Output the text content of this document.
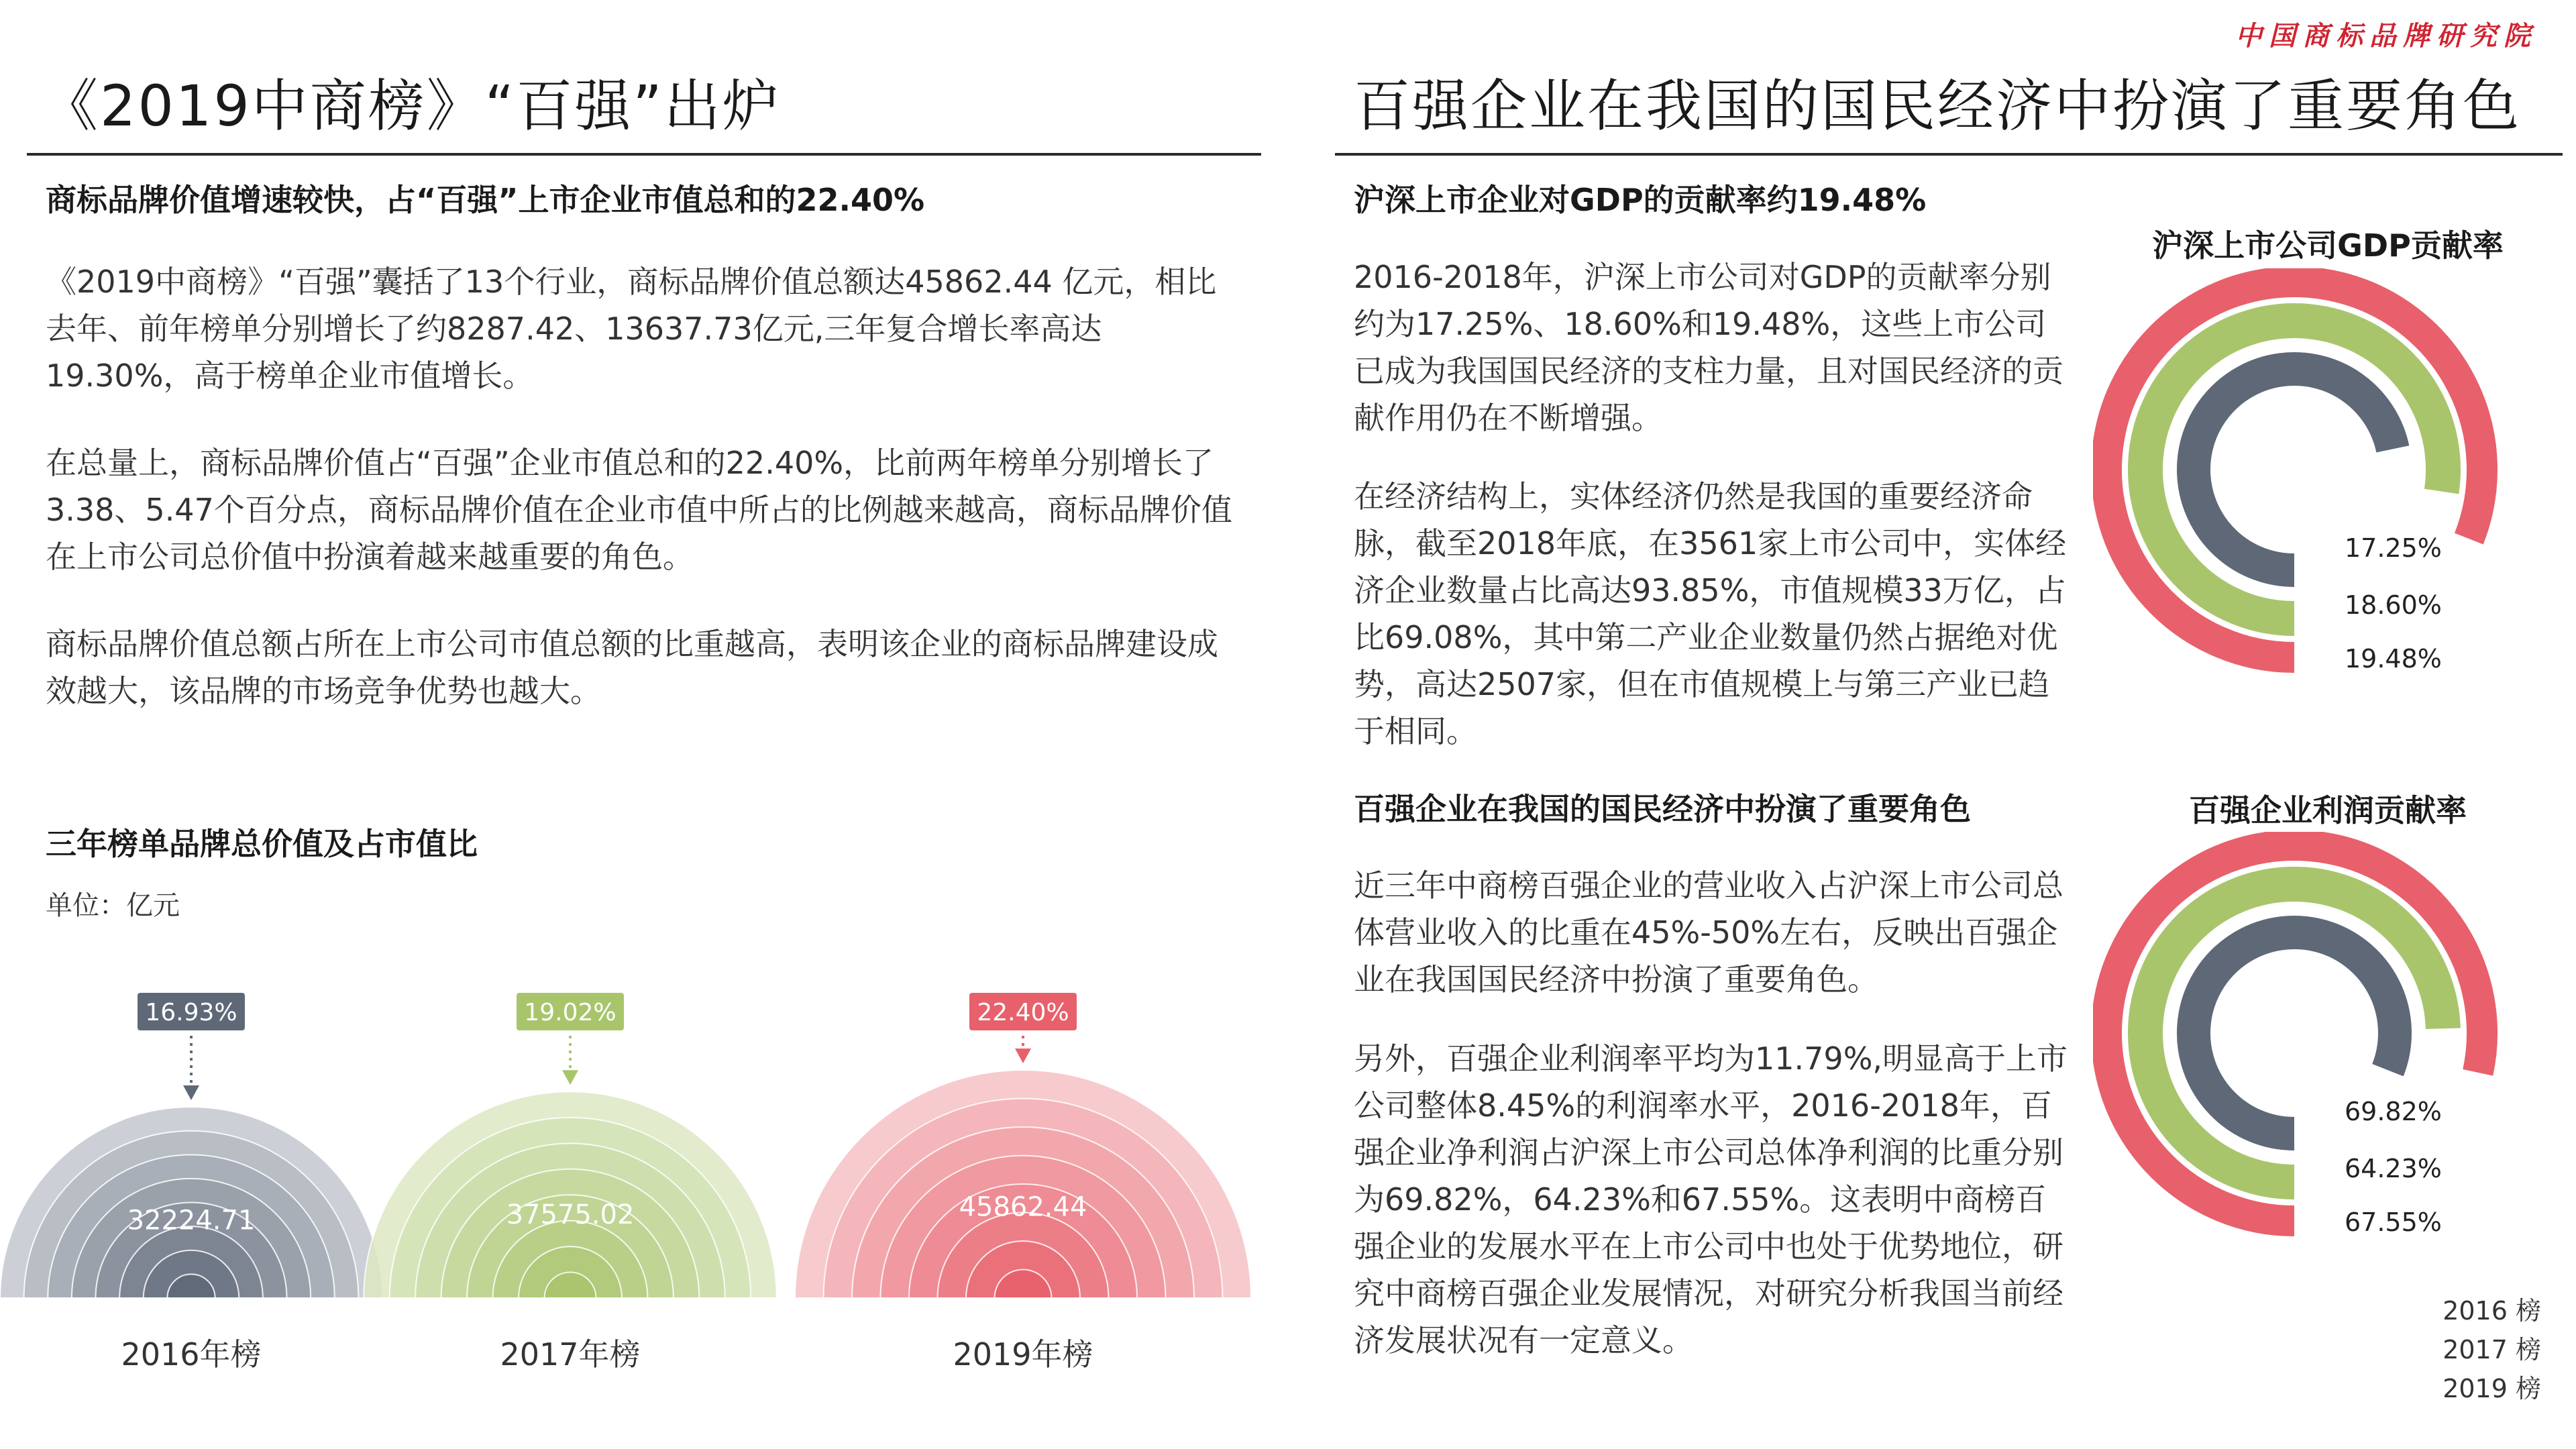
中国商标品牌研究院
《2019中商榜》“百强”出炉
商标品牌价值增速较快，占“百强”上市企业市值总和的22.40%
《2019中商榜》“百强”囊括了13个行业，商标品牌价值总额达45862.44 亿元，相比去年、前年榜单分别增长了约8287.42、13637.73亿元,三年复合增长率高达19.30%，高于榜单企业市值增长。
在总量上，商标品牌价值占“百强”企业市值总和的22.40%，比前两年榜单分别增长了3.38、5.47个百分点，商标品牌价值在企业市值中所占的比例越来越高，商标品牌价值在上市公司总价值中扮演着越来越重要的角色。
商标品牌价值总额占所在上市公司市值总额的比重越高，表明该企业的商标品牌建设成效越大，该品牌的市场竞争优势也越大。
三年榜单品牌总价值及占市值比
单位：亿元
32224.71
2016年榜
16.93%
37575.02
2017年榜
19.02%
45862.44
2019年榜
22.40%
百强企业在我国的国民经济中扮演了重要角色
沪深上市企业对GDP的贡献率约19.48%
2016-2018年，沪深上市公司对GDP的贡献率分别约为17.25%、18.60%和19.48%，这些上市公司已成为我国国民经济的支柱力量，且对国民经济的贡献作用仍在不断增强。
在经济结构上，实体经济仍然是我国的重要经济命脉，截至2018年底，在3561家上市公司中，实体经济企业数量占比高达93.85%，市值规模33万亿，占比69.08%，其中第二产业企业数量仍然占据绝对优势，高达2507家，但在市值规模上与第三产业已趋于相同。
百强企业在我国的国民经济中扮演了重要角色
近三年中商榜百强企业的营业收入占沪深上市公司总体营业收入的比重在45%-50%左右，反映出百强企业在我国国民经济中扮演了重要角色。
另外，百强企业利润率平均为11.79%,明显高于上市公司整体8.45%的利润率水平，2016-2018年，百强企业净利润占沪深上市公司总体净利润的比重分别为69.82%，64.23%和67.55%。这表明中商榜百强企业的发展水平在上市公司中也处于优势地位，研究中商榜百强企业发展情况，对研究分析我国当前经济发展状况有一定意义。
沪深上市公司GDP贡献率
17.25%
18.60%
19.48%
百强企业利润贡献率
69.82%
64.23%
67.55%
2016 榜
2017 榜
2019 榜
